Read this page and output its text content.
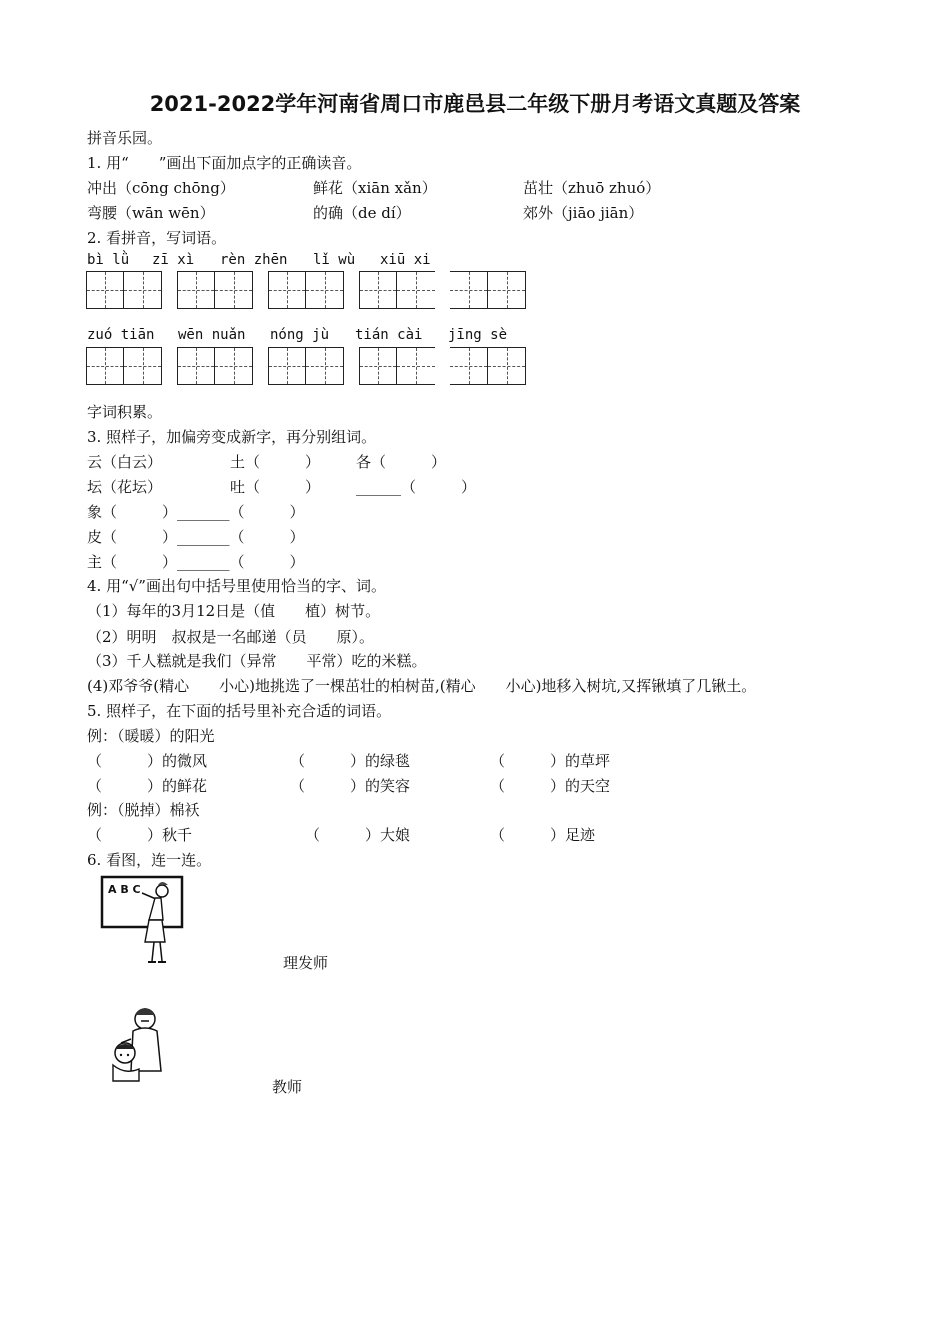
2021-2022学年河南省周口市鹿邑县二年级下册月考语文真题及答案
拼音乐园。
1. 用“　　”画出下面加点字的正确读音。
冲出（cōng chōng）	鲜花（xiān xǎn）	茁壮（zhuō zhuó）
弯腰（wān wēn）	的确（de dí）	郊外（jiāo jiān）
2. 看拼音，写词语。
bì lǜ zī xì rèn zhēn lǐ wù xiū xi
zuó tiān wēn nuǎn nóng jù tián cài jīng sè
字词积累。
3. 照样子，加偏旁变成新字，再分别组词。
云（白云）	土（　　　） 各（　　　）
坛（花坛）	吐（　　　） ______（　　　）
象（　　　）_______（　　　）
皮（　　　）_______（　　　）
主（　　　）_______（　　　）
4. 用“√”画出句中括号里使用恰当的字、词。
（1）每年的3月12日是（值　　植）树节。
（2）明明　叔叔是一名邮递（员　　原）。
（3）千人糕就是我们（异常　　平常）吃的米糕。
(4)邓爷爷(精心　　小心)地挑选了一棵茁壮的柏树苗,(精心　　小心)地移入树坑,又挥锹填了几锹土。
5. 照样子，在下面的括号里补充合适的词语。
例：（暖暖）的阳光
（　　　）的微风	（　　　）的绿毯	（　　　）的草坪
（　　　）的鲜花	（　　　）的笑容	（　　　）的天空
例：（脱掉）棉袄
（　　　）秋千	（　　　）大娘	（　　　）足迹
6. 看图，连一连。
A B C
理发师
教师
